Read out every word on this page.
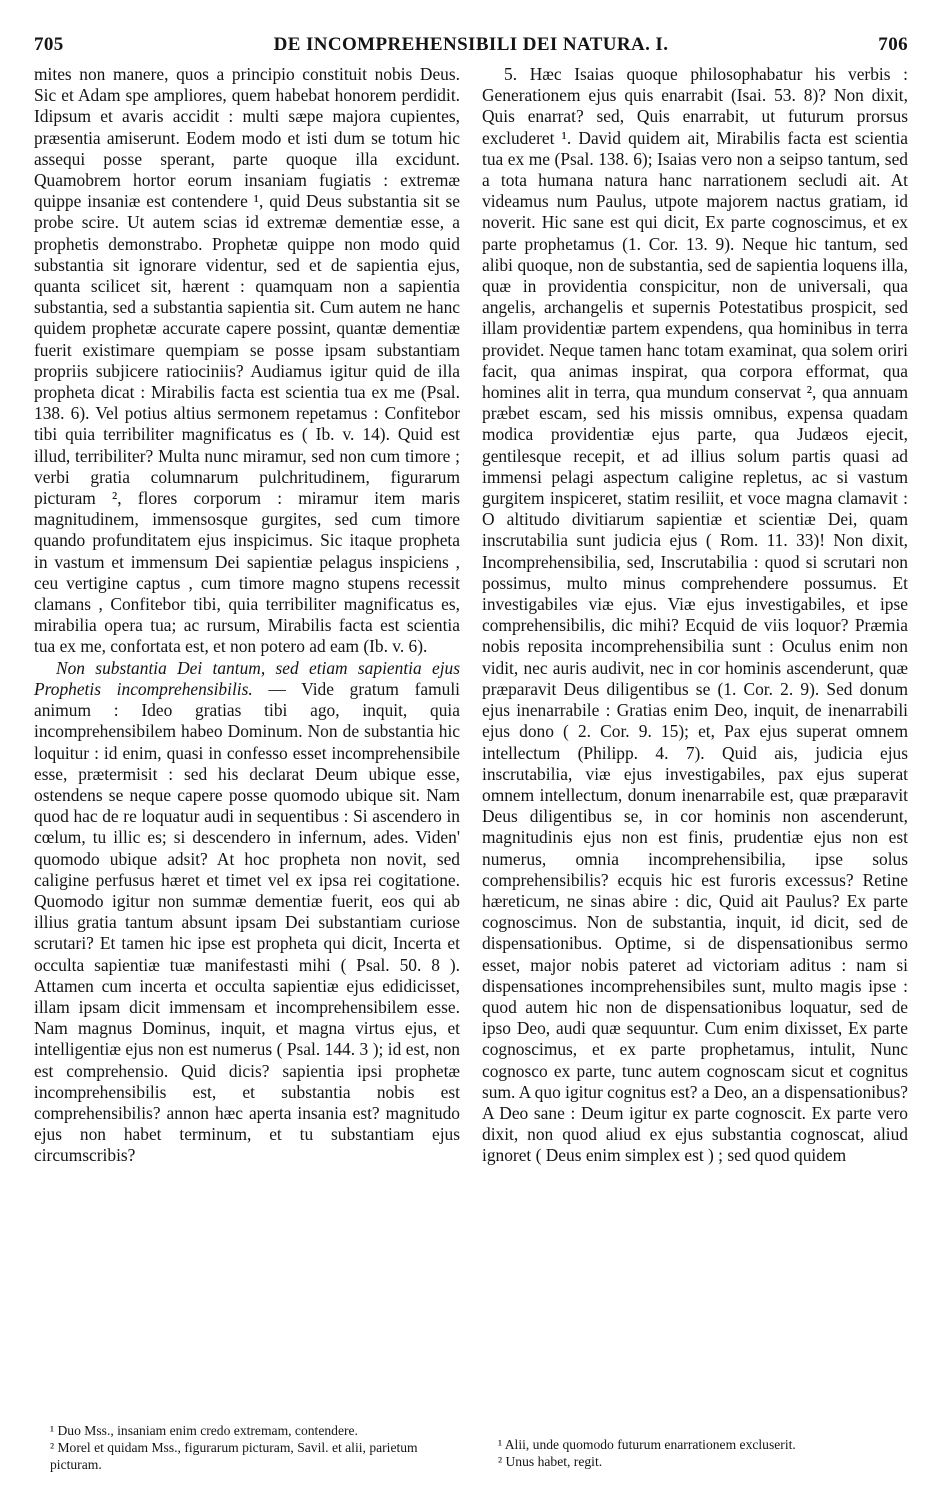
705	DE INCOMPREHENSIBILI DEI NATURA. I.	706

mites non manere, quos a principio constituit nobis Deus. Sic et Adam spe ampliores, quem habebat honorem perdidit. Idipsum et avaris accidit : multi sæpe majora cupientes, præsentia amiserunt. Eodem modo et isti dum se totum hic assequi posse sperant, parte quoque illa excidunt. Quamobrem hortor eorum insaniam fugiatis : extremæ quippe insaniæ est contendere ¹, quid Deus substantia sit se probe scire. Ut autem scias id extremæ dementiæ esse, a prophetis demonstrabo. Prophetæ quippe non modo quid substantia sit ignorare videntur, sed et de sapientia ejus, quanta scilicet sit, hærent : quamquam non a sapientia substantia, sed a substantia sapientia sit. Cum autem ne hanc quidem prophetæ accurate capere possint, quantæ dementiæ fuerit existimare quempiam se posse ipsam substantiam propriis subjicere ratiociniis? Audiamus igitur quid de illa propheta dicat : Mirabilis facta est scientia tua ex me (Psal. 138. 6). Vel potius altius sermonem repetamus : Confitebor tibi quia terribiliter magnificatus es ( Ib. v. 14). Quid est illud, terribiliter? Multa nunc miramur, sed non cum timore ; verbi gratia columnarum pulchritudinem, figurarum picturam ², flores corporum : miramur item maris magnitudinem, immensosque gurgites, sed cum timore quando profunditatem ejus inspicimus. Sic itaque propheta in vastum et immensum Dei sapientiæ pelagus inspiciens , ceu vertigine captus , cum timore magno stupens recessit clamans , Confitebor tibi, quia terribiliter magnificatus es, mirabilia opera tua; ac rursum, Mirabilis facta est scientia tua ex me, confortata est, et non potero ad eam (Ib. v. 6).

Non substantia Dei tantum, sed etiam sapientia ejus Prophetis incomprehensibilis. — Vide gratum famuli animum : Ideo gratias tibi ago, inquit, quia incomprehensibilem habeo Dominum. Non de substantia hic loquitur : id enim, quasi in confesso esset incomprehensibile esse, prætermisit : sed his declarat Deum ubique esse, ostendens se neque capere posse quomodo ubique sit. Nam quod hac de re loquatur audi in sequentibus : Si ascendero in cœlum, tu illic es; si descendero in infernum, ades. Viden' quomodo ubique adsit? At hoc propheta non novit, sed caligine perfusus hæret et timet vel ex ipsa rei cogitatione. Quomodo igitur non summæ dementiæ fuerit, eos qui ab illius gratia tantum absunt ipsam Dei substantiam curiose scrutari? Et tamen hic ipse est propheta qui dicit, Incerta et occulta sapientiæ tuæ manifestasti mihi ( Psal. 50. 8 ). Attamen cum incerta et occulta sapientiæ ejus edidicisset, illam ipsam dicit immensam et incomprehensibilem esse. Nam magnus Dominus, inquit, et magna virtus ejus, et intelligentiæ ejus non est numerus ( Psal. 144. 3 ); id est, non est comprehensio. Quid dicis? sapientia ipsi prophetæ incomprehensibilis est, et substantia nobis est comprehensibilis? annon hæc aperta insania est? magnitudo ejus non habet terminum, et tu substantiam ejus circumscribis?

5. Hæc Isaias quoque philosophabatur his verbis : Generationem ejus quis enarrabit (Isai. 53. 8)? Non dixit, Quis enarrat? sed, Quis enarrabit, ut futurum prorsus excluderet ¹. David quidem ait, Mirabilis facta est scientia tua ex me (Psal. 138. 6); Isaias vero non a seipso tantum, sed a tota humana natura hanc narrationem secludi ait. At videamus num Paulus, utpote majorem nactus gratiam, id noverit. Hic sane est qui dicit, Ex parte cognoscimus, et ex parte prophetamus (1. Cor. 13. 9). Neque hic tantum, sed alibi quoque, non de substantia, sed de sapientia loquens illa, quæ in providentia conspicitur, non de universali, qua angelis, archangelis et supernis Potestatibus prospicit, sed illam providentiæ partem expendens, qua hominibus in terra providet. Neque tamen hanc totam examinat, qua solem oriri facit, qua animas inspirat, qua corpora efformat, qua homines alit in terra, qua mundum conservat ², qua annuam præbet escam, sed his missis omnibus, expensa quadam modica providentiæ ejus parte, qua Judæos ejecit, gentilesque recepit, et ad illius solum partis quasi ad immensi pelagi aspectum caligine repletus, ac si vastum gurgitem inspiceret, statim resiliit, et voce magna clamavit : O altitudo divitiarum sapientiæ et scientiæ Dei, quam inscrutabilia sunt judicia ejus ( Rom. 11. 33)! Non dixit, Incomprehensibilia, sed, Inscrutabilia : quod si scrutari non possimus, multo minus comprehendere possumus. Et investigabiles viæ ejus. Viæ ejus investigabiles, et ipse comprehensibilis, dic mihi? Ecquid de viis loquor? Præmia nobis reposita incomprehensibilia sunt : Oculus enim non vidit, nec auris audivit, nec in cor hominis ascenderunt, quæ præparavit Deus diligentibus se (1. Cor. 2. 9). Sed donum ejus inenarrabile : Gratias enim Deo, inquit, de inenarrabili ejus dono ( 2. Cor. 9. 15); et, Pax ejus superat omnem intellectum (Philipp. 4. 7). Quid ais, judicia ejus inscrutabilia, viæ ejus investigabiles, pax ejus superat omnem intellectum, donum inenarrabile est, quæ præparavit Deus diligentibus se, in cor hominis non ascenderunt, magnitudinis ejus non est finis, prudentiæ ejus non est numerus, omnia incomprehensibilia, ipse solus comprehensibilis? ecquis hic est furoris excessus? Retine hæreticum, ne sinas abire : dic, Quid ait Paulus? Ex parte cognoscimus. Non de substantia, inquit, id dicit, sed de dispensationibus. Optime, si de dispensationibus sermo esset, major nobis pateret ad victoriam aditus : nam si dispensationes incomprehensibiles sunt, multo magis ipse : quod autem hic non de dispensationibus loquatur, sed de ipso Deo, audi quæ sequuntur. Cum enim dixisset, Ex parte cognoscimus, et ex parte prophetamus, intulit, Nunc cognosco ex parte, tunc autem cognoscam sicut et cognitus sum. A quo igitur cognitus est? a Deo, an a dispensationibus? A Deo sane : Deum igitur ex parte cognoscit. Ex parte vero dixit, non quod aliud ex ejus substantia cognoscat, aliud ignoret ( Deus enim simplex est ) ; sed quod quidem

¹ Duo Mss., insaniam enim credo extremam, contendere.

² Morel et quidam Mss., figurarum picturam, Savil. et alii, parietum picturam.

¹ Alii, unde quomodo futurum enarrationem excluserit.

² Unus habet, regit.
